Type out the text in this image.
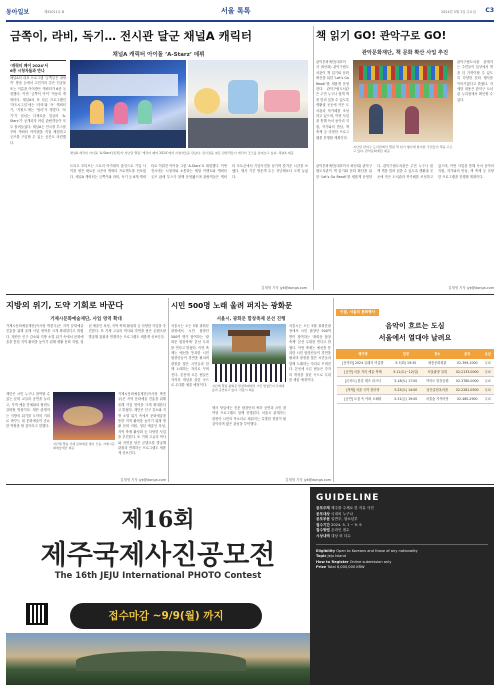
동아일보	제32011호 B	서울 톡톡	2024년 5월 1일 수요일 C3
금쪽이, 라비, 독기… 전시관 달군 채널A 캐릭터
채널A 캐릭터 아이돌 ‘A-Starz’ 데뷔
‘캐릭터 페어 2024’서
6종 시청자들과 만나
채널A의 대표 프로그램 ‘금쪽같은 내새끼’ 방송 등에서 고민거리 같은 인공물 또는 이름을 이어받은 캐릭터가 6종 등장했다. 이번 ‘금쪽이 아이’ 아동의 캐릭터다. 채널A의 또 다른 프로그램인 ‘하트시그널’에는 ‘라비’와 ‘독’ 캐릭터가, ‘지원도’에는 ‘엄마’가 생겼다. ‘독기’가 넘치는 다채로운 얼굴의 ‘A-Starz’가 공개되자 어린 관람객들이 모두 몰려들었다. 채널A는 전시장 부스를 꾸며 캐릭터 아이템을 직접 체험하고 굿즈를 구입할 수 있는 공간도 마련했다.
채널A 캐릭터 아이돌 ‘A-Starz’(왼쪽)가 지난달 열린 ‘캐릭터 페어 2024’에서 시청자들을 만났다. 전시장을 찾은 관람객들이 캐릭터 굿즈를 살펴보고 있다. 채널A 제공
트리오 모티브는 스토리 아카데미 출신으로 기업 사이를 엮은 새로운 시즌의 캐릭터 프로젝트를 선보였다. 채널A 캐릭터는 금쪽이와 라비, 독기 등 6개 캐릭터로 이뤄진 아이돌 그룹 ‘A-Starz’로 데뷔했다. 이번 전시에는 시청자와 소통하는 체험 이벤트와 캐릭터 굿즈 판매 부스가 함께 운영됐으며 관람객들은 캐릭터 포토존에서 기념사진을 남기며 즐거운 시간을 보냈다. 행사 기간 방문객 수는 지난해보다 크게 늘었다.
김재영 기자 jyk@donga.com
책 읽기 GO! 관악구로 GO!
관악문화재단, 책 문화 확산 사업 추진
관악문화재단(대표이사 최선희) 관악구립도서관이 책 읽기와 문화 확산을 위한 ‘Let’s Go Read!’를 새롭게 운영한다. 관악구립도서관은 주민 누구나 쉽게 책을 빌려 읽을 수 있도록 생활권 곳곳에 작은 도서관과 북카페를 조성하고 있으며, 이번 사업을 통해 독서 동아리 지원, 작가와의 만남, 책 축제 등 다양한 프로그램을 진행할 계획이다.
지난달 관악구 도서관에서 열린 책 읽기 행사에 참여한 주민들이 책을 고르고 있다. 관악문화재단 제공
관악구립도서관 관계자는 주민들이 일상에서 책을 더 가까이할 수 있도록 다양한 문화 행사를 이어가겠다고 밝혔다. 자세한 내용은 관악구 도서관 누리집에서 확인할 수 있다.
관악문화재단(대표이사 최선희) 관악구립도서관이 책 읽기와 문화 확산을 위한 ‘Let’s Go Read!’를 새롭게 운영한다. 관악구립도서관은 주민 누구나 쉽게 책을 빌려 읽을 수 있도록 생활권 곳곳에 작은 도서관과 북카페를 조성하고 있으며, 이번 사업을 통해 독서 동아리 지원, 작가와의 만남, 책 축제 등 다양한 프로그램을 진행할 계획이다.
김재영 기자 jyk@donga.com
지방의 위기, 도약 기회로 바꾼다
거제시문화예술재단, 사업 영역 확대
거제시문화예술재단(이사장 박종우)은 지역 문화예술 진흥을 위해 올해 사업 영역을 크게 확대한다고 밝혔다. 재단은 인구 감소와 지방 소멸 위기 속에서 문화예술을 통한 지역 활력을 높이기 위해 생활 문화 지원, 청년 예술인 육성, 지역 축제 활성화 등 다양한 사업을 추진한다. 또 거제 고유의 역사와 자연을 담은 콘텐츠를 발굴해 관광과 연계하는 프로그램도 새롭게 선보인다.
재단은 시민 누구나 참여할 수 있는 문화 교실과 공연을 늘리고, 지역 예술 단체와의 협력도 강화할 방침이다. 재단 관계자는 지방의 위기를 도약의 기회로 바꾸는 데 문화예술이 중요한 역할을 할 것이라고 말했다.
지난해 열린 거제 문화예술 행사 모습. 거제시문화예술재단 제공
거제시문화예술재단(이사장 박종우)은 지역 문화예술 진흥을 위해 올해 사업 영역을 크게 확대한다고 밝혔다. 재단은 인구 감소와 지방 소멸 위기 속에서 문화예술을 통한 지역 활력을 높이기 위해 생활 문화 지원, 청년 예술인 육성, 지역 축제 활성화 등 다양한 사업을 추진한다. 또 거제 고유의 역사와 자연을 담은 콘텐츠를 발굴해 관광과 연계하는 프로그램도 새롭게 선보인다.
김재영 기자 jyk@donga.com
시민 500명 노래 울려 퍼지는 광화문
서울시, 광화문 합창축제 본선 진행
서울시는 오는 5월 광화문광장에서 시민 합창단 500여 명이 참여하는 ‘광화문 합창축제’ 본선 무대를 연다고 밝혔다. 이번 축제는 예선을 통과한 시민 합창단들이 경연을 펼치며 광장을 찾은 시민들과 함께 노래하는 자리로 꾸며진다. 본선에 오른 팀들은 각자의 개성을 살린 곡으로 무대를 채울 예정이다.	지난해 열린 광화문 합창축제에서 시민 합창단이 무대에 올라 공연하고 있다. 서울시 제공
행사 당일에는 전문 합창단의 축하 공연과 시민 참여형 프로그램도 함께 진행된다. 서울시 관계자는 광장이 시민의 목소리로 채워지는 특별한 경험이 될 것이라며 많은 관심을 부탁했다.
서울시는 오는 5월 광화문광장에서 시민 합창단 500여 명이 참여하는 ‘광화문 합창축제’ 본선 무대를 연다고 밝혔다. 이번 축제는 예선을 통과한 시민 합창단들이 경연을 펼치며 광장을 찾은 시민들과 함께 노래하는 자리로 꾸며진다. 본선에 오른 팀들은 각자의 개성을 살린 곡으로 무대를 채울 예정이다.
김재영 기자 jyk@donga.com
이달, 서울의 문화행사
음악이 흐르는 도심
서울에서 열대야 날려요
행사명	일정	장소	문의	요금
[음악회] 2024 클래식 여름밤	5.7(화) 19:30	세종문화회관	02-399-1000	무료
[공연] 서울 거리 예술 축제	5.11(토)~12(일)	서울광장 일대	02-2133-0000	무료
[콘서트] 한강 재즈 피크닉	5.18(토) 17:00	여의도 한강공원	02-3780-0000	무료
[축제] 서울 국악 한마당	5.25(토) 14:00	남산골한옥마을	02-2261-0500	무료
[공연] 도심 속 야외 오페라	5.31(금) 19:00	서울숲 가족마당	02-460-2900	무료
제16회
제주국제사진공모전
The 16th JEJU International PHOTO Contest
접수마감 ~9/9(월) 까지
GUIDELINE
공모주제 제주를 주제로 한 자유 사진
공모대상 국내외 누구나
공모부문 일반부, 청소년부
접수기간 2024. 5. 1 ~ 9. 9
접수방법 온라인 접수
시상내역 대상 외 다수
Eligibility Open to Koreans and those of any nationality
Topic Jeju Island
How to Register Online submission only
Prize Total 6,000,000 KRW
